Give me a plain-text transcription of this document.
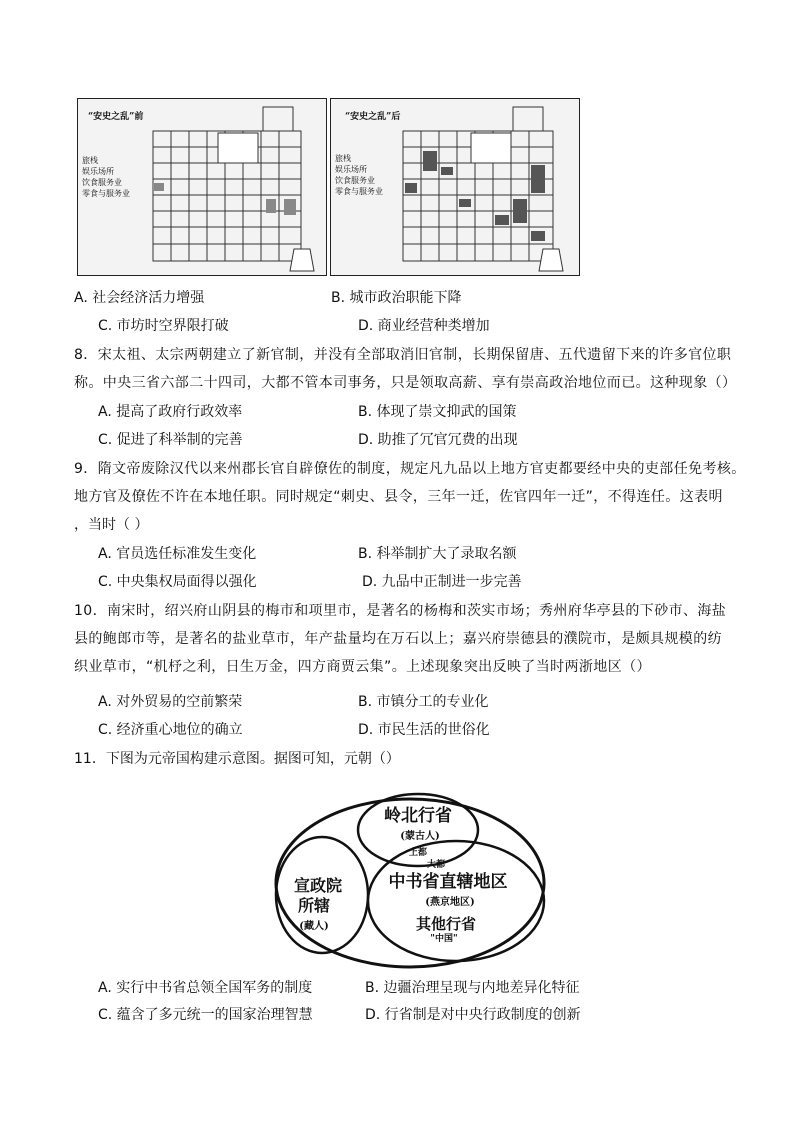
“安史之乱”前
旅栈
娱乐场所
饮食服务业
零食与服务业
“安史之乱”后
旅栈
娱乐场所
饮食服务业
零食与服务业
A. 社会经济活力增强	B. 城市政治职能下降
C. 市坊时空界限打破	D. 商业经营种类增加
8．宋太祖、太宗两朝建立了新官制，并没有全部取消旧官制，长期保留唐、五代遗留下来的许多官位职
称。中央三省六部二十四司，大都不管本司事务，只是领取高薪、享有崇高政治地位而已。这种现象（）
A. 提高了政府行政效率	B. 体现了崇文抑武的国策
C. 促进了科举制的完善	D. 助推了冗官冗费的出现
9．隋文帝废除汉代以来州郡长官自辟僚佐的制度，规定凡九品以上地方官吏都要经中央的吏部任免考核。
地方官及僚佐不许在本地任职。同时规定“刺史、县令，三年一迁，佐官四年一迁”，不得连任。这表明
，当时（ ）
A. 官员选任标准发生变化	B. 科举制扩大了录取名额
C. 中央集权局面得以强化	D. 九品中正制进一步完善
10．南宋时，绍兴府山阴县的梅市和项里市，是著名的杨梅和茨实市场；秀州府华亭县的下砂市、海盐
县的鲍郎市等，是著名的盐业草市，年产盐量均在万石以上；嘉兴府崇德县的濮院市，是颇具规模的纺
织业草市，“机杼之利，日生万金，四方商贾云集”。上述现象突出反映了当时两浙地区（）
A. 对外贸易的空前繁荣	B. 市镇分工的专业化
C. 经济重心地位的确立	D. 市民生活的世俗化
11．下图为元帝国构建示意图。据图可知，元朝（）
岭北行省
(蒙古人)
上都
大都
中书省直辖地区
(燕京地区)
其他行省
"中国"
宣政院
所辖
(藏人)
A. 实行中书省总领全国军务的制度	B. 边疆治理呈现与内地差异化特征
C. 蕴含了多元统一的国家治理智慧	D. 行省制是对中央行政制度的创新
